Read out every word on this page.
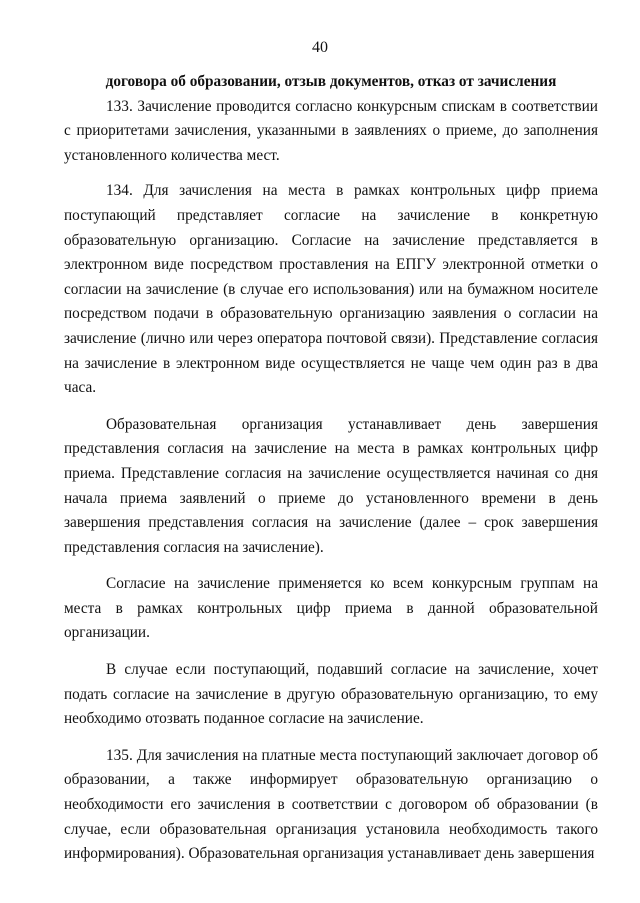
40

договора об образовании, отзыв документов, отказ от зачисления

133. Зачисление проводится согласно конкурсным спискам в соответствии с приоритетами зачисления, указанными в заявлениях о приеме, до заполнения установленного количества мест.

134. Для зачисления на места в рамках контрольных цифр приема поступающий представляет согласие на зачисление в конкретную образовательную организацию. Согласие на зачисление представляется в электронном виде посредством проставления на ЕПГУ электронной отметки о согласии на зачисление (в случае его использования) или на бумажном носителе посредством подачи в образовательную организацию заявления о согласии на зачисление (лично или через оператора почтовой связи). Представление согласия на зачисление в электронном виде осуществляется не чаще чем один раз в два часа.

Образовательная организация устанавливает день завершения представления согласия на зачисление на места в рамках контрольных цифр приема. Представление согласия на зачисление осуществляется начиная со дня начала приема заявлений о приеме до установленного времени в день завершения представления согласия на зачисление (далее – срок завершения представления согласия на зачисление).

Согласие на зачисление применяется ко всем конкурсным группам на места в рамках контрольных цифр приема в данной образовательной организации.

В случае если поступающий, подавший согласие на зачисление, хочет подать согласие на зачисление в другую образовательную организацию, то ему необходимо отозвать поданное согласие на зачисление.

135. Для зачисления на платные места поступающий заключает договор об образовании, а также информирует образовательную организацию о необходимости его зачисления в соответствии с договором об образовании (в случае, если образовательная организация установила необходимость такого информирования). Образовательная организация устанавливает день завершения
